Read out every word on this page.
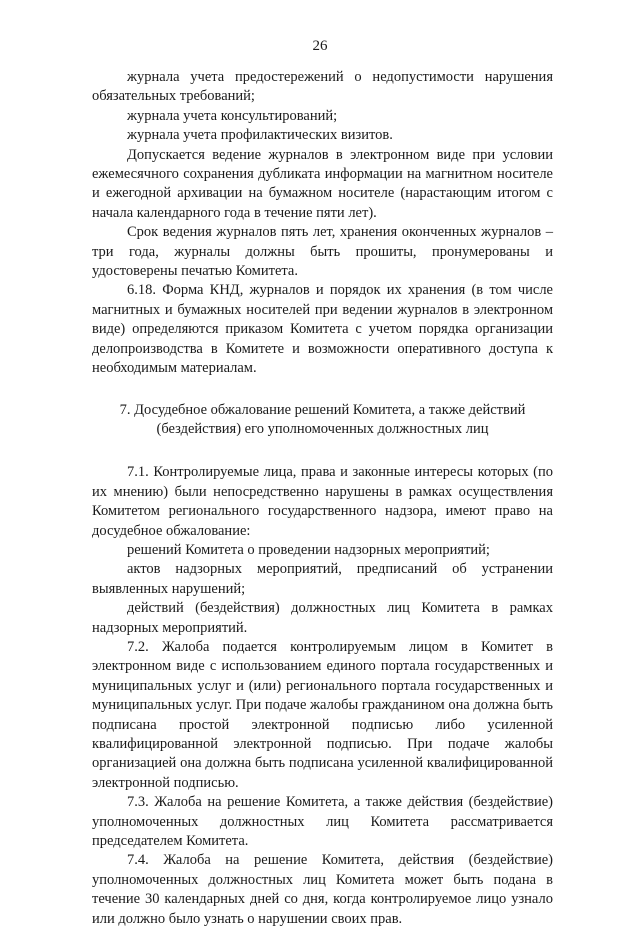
26

журнала учета предостережений о недопустимости нарушения обязательных требований;

журнала учета консультирований;

журнала учета профилактических визитов.

Допускается ведение журналов в электронном виде при условии ежемесячного сохранения дубликата информации на магнитном носителе и ежегодной архивации на бумажном носителе (нарастающим итогом с начала календарного года в течение пяти лет).

Срок ведения журналов пять лет, хранения оконченных журналов – три года, журналы должны быть прошиты, пронумерованы и удостоверены печатью Комитета.

6.18. Форма КНД, журналов и порядок их хранения (в том числе магнитных и бумажных носителей при ведении журналов в электронном виде) определяются приказом Комитета с учетом порядка организации делопроизводства в Комитете и возможности оперативного доступа к необходимым материалам.

7. Досудебное обжалование решений Комитета, а также действий (бездействия) его уполномоченных должностных лиц

7.1. Контролируемые лица, права и законные интересы которых (по их мнению) были непосредственно нарушены в рамках осуществления Комитетом регионального государственного надзора, имеют право на досудебное обжалование:

решений Комитета о проведении надзорных мероприятий;

актов надзорных мероприятий, предписаний об устранении выявленных нарушений;

действий (бездействия) должностных лиц Комитета в рамках надзорных мероприятий.

7.2. Жалоба подается контролируемым лицом в Комитет в электронном виде с использованием единого портала государственных и муниципальных услуг и (или) регионального портала государственных и муниципальных услуг. При подаче жалобы гражданином она должна быть подписана простой электронной подписью либо усиленной квалифицированной электронной подписью. При подаче жалобы организацией она должна быть подписана усиленной квалифицированной электронной подписью.

7.3. Жалоба на решение Комитета, а также действия (бездействие) уполномоченных должностных лиц Комитета рассматривается председателем Комитета.

7.4. Жалоба на решение Комитета, действия (бездействие) уполномоченных должностных лиц Комитета может быть подана в течение 30 календарных дней со дня, когда контролируемое лицо узнало или должно было узнать о нарушении своих прав.
